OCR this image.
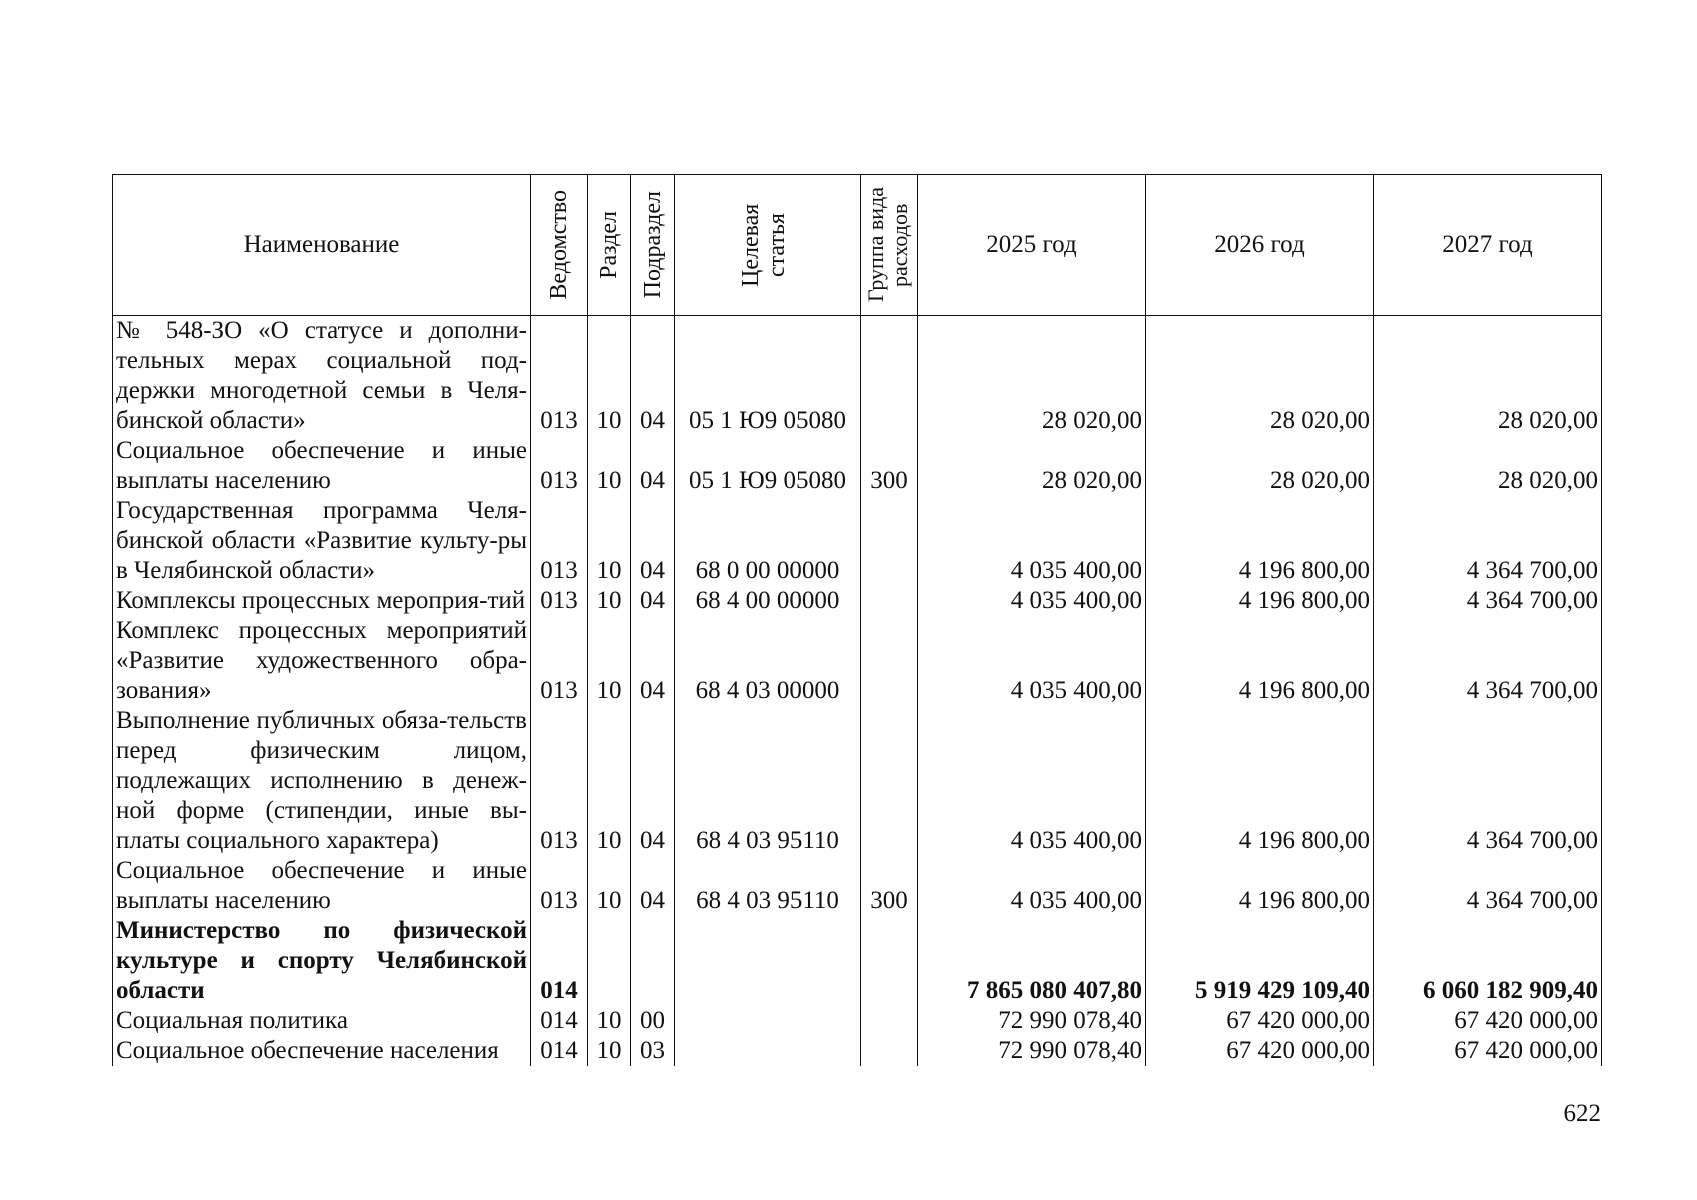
Наименование	Ведомство	Раздел	Подраздел	Целевая статья	Группа вида расходов	2025 год	2026 год	2027 год
№ 548-ЗО «О статусе и дополни-тельных мерах социальной под-держки многодетной семьи в Челя-бинской области»	013	10	04	05 1 Ю9 05080		28 020,00	28 020,00	28 020,00
Социальное обеспечение и иные выплаты населению	013	10	04	05 1 Ю9 05080	300	28 020,00	28 020,00	28 020,00
Государственная программа Челя-бинской области «Развитие культу-ры в Челябинской области»	013	10	04	68 0 00 00000		4 035 400,00	4 196 800,00	4 364 700,00
Комплексы процессных мероприя-тий	013	10	04	68 4 00 00000		4 035 400,00	4 196 800,00	4 364 700,00
Комплекс процессных мероприятий «Развитие художественного обра-зования»	013	10	04	68 4 03 00000		4 035 400,00	4 196 800,00	4 364 700,00
Выполнение публичных обяза-тельств перед физическим лицом, подлежащих исполнению в денеж-ной форме (стипендии, иные вы-платы социального характера)	013	10	04	68 4 03 95110		4 035 400,00	4 196 800,00	4 364 700,00
Социальное обеспечение и иные выплаты населению	013	10	04	68 4 03 95110	300	4 035 400,00	4 196 800,00	4 364 700,00
Министерство по физической культуре и спорту Челябинской области	014					7 865 080 407,80	5 919 429 109,40	6 060 182 909,40
Социальная политика	014	10	00			72 990 078,40	67 420 000,00	67 420 000,00
Социальное обеспечение населения	014	10	03			72 990 078,40	67 420 000,00	67 420 000,00
622
